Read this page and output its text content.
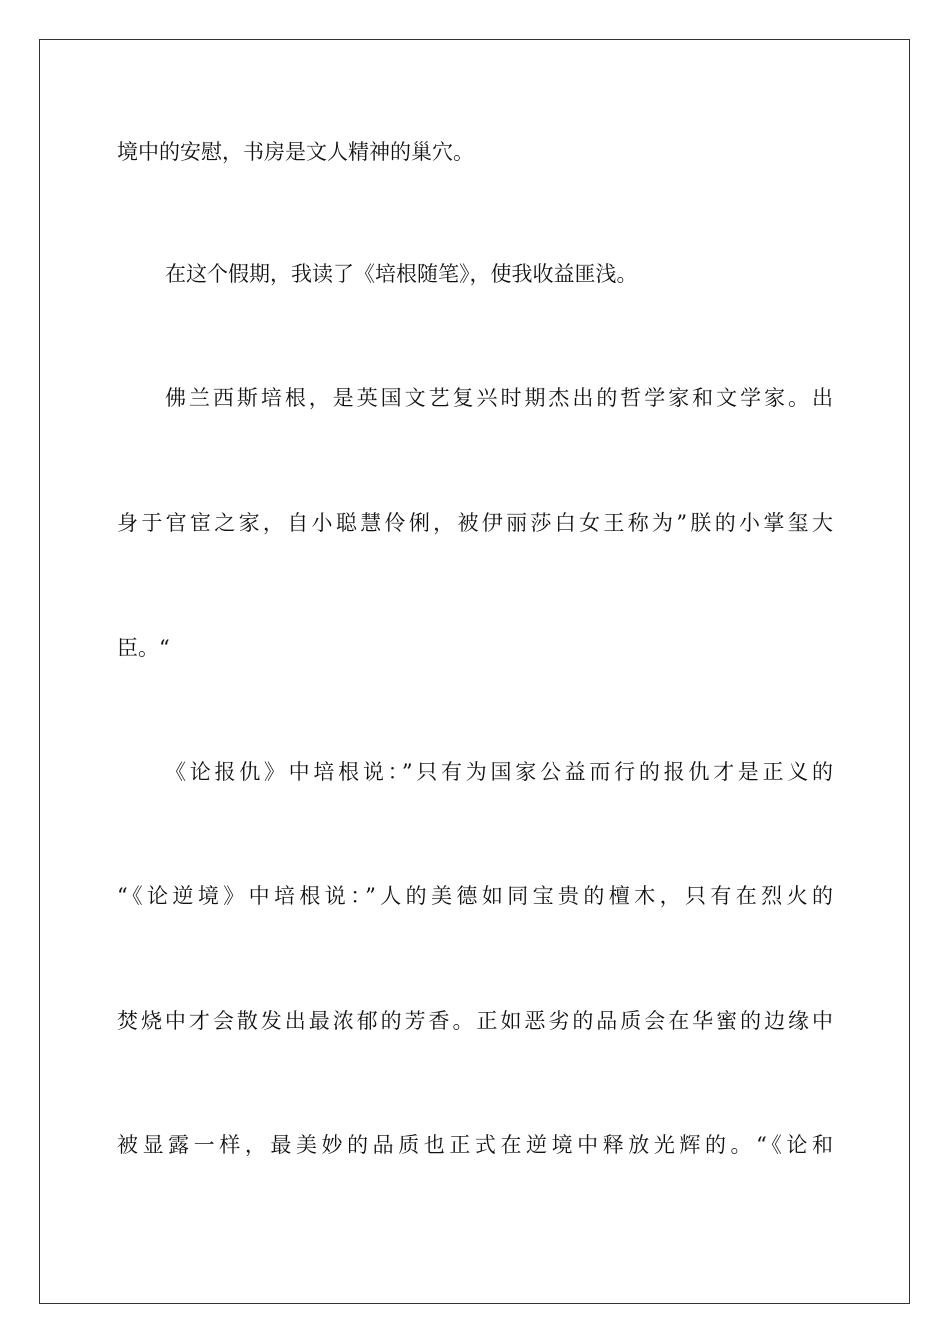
境中的安慰，书房是文人精神的巢穴。

在这个假期，我读了《培根随笔》，使我收益匪浅。

佛兰西斯培根，是英国文艺复兴时期杰出的哲学家和文学家。出

身于官宦之家，自小聪慧伶俐，被伊丽莎白女王称为”朕的小掌玺大

臣。“

《论报仇》中培根说：”只有为国家公益而行的报仇才是正义的

“《论逆境》中培根说：”人的美德如同宝贵的檀木，只有在烈火的

焚烧中才会散发出最浓郁的芳香。正如恶劣的品质会在华蜜的边缘中

被显露一样，最美妙的品质也正式在逆境中释放光辉的。“《论和
